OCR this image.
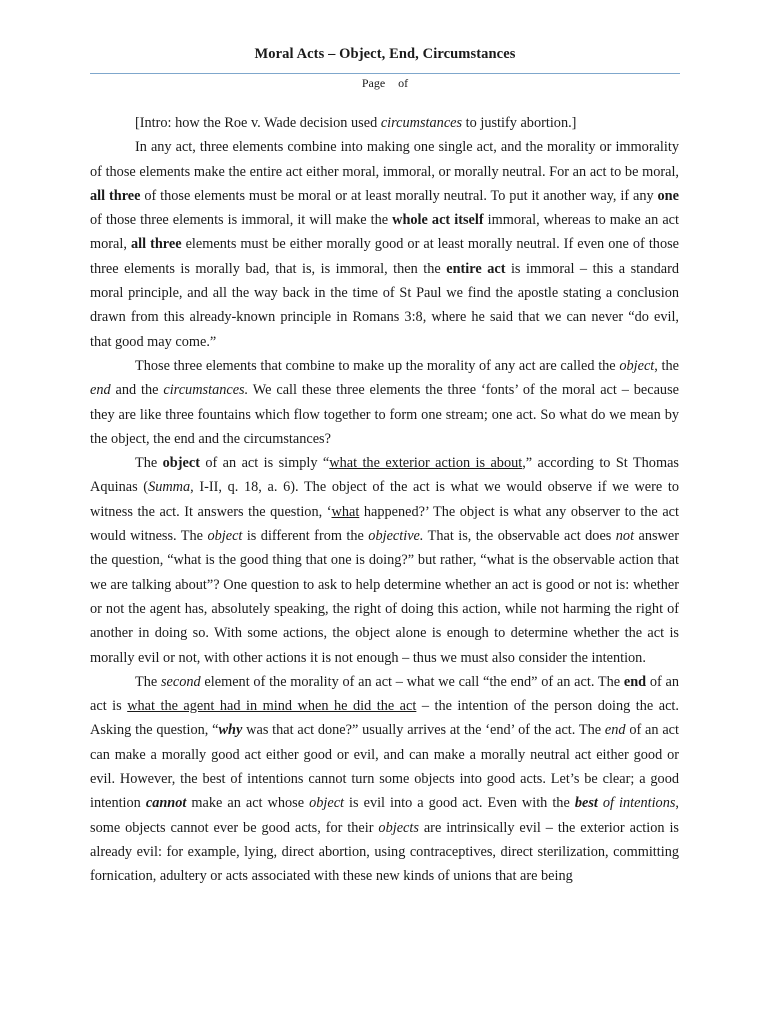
Moral Acts – Object, End, Circumstances
Page of

[Intro: how the Roe v. Wade decision used circumstances to justify abortion.]

In any act, three elements combine into making one single act, and the morality or immorality of those elements make the entire act either moral, immoral, or morally neutral. For an act to be moral, all three of those elements must be moral or at least morally neutral. To put it another way, if any one of those three elements is immoral, it will make the whole act itself immoral, whereas to make an act moral, all three elements must be either morally good or at least morally neutral. If even one of those three elements is morally bad, that is, is immoral, then the entire act is immoral – this a standard moral principle, and all the way back in the time of St Paul we find the apostle stating a conclusion drawn from this already-known principle in Romans 3:8, where he said that we can never “do evil, that good may come.”

Those three elements that combine to make up the morality of any act are called the object, the end and the circumstances. We call these three elements the three ‘fonts’ of the moral act – because they are like three fountains which flow together to form one stream; one act. So what do we mean by the object, the end and the circumstances?

The object of an act is simply “what the exterior action is about,” according to St Thomas Aquinas (Summa, I-II, q. 18, a. 6). The object of the act is what we would observe if we were to witness the act. It answers the question, ‘what happened?’ The object is what any observer to the act would witness. The object is different from the objective. That is, the observable act does not answer the question, “what is the good thing that one is doing?” but rather, “what is the observable action that we are talking about”? One question to ask to help determine whether an act is good or not is: whether or not the agent has, absolutely speaking, the right of doing this action, while not harming the right of another in doing so. With some actions, the object alone is enough to determine whether the act is morally evil or not, with other actions it is not enough – thus we must also consider the intention.

The second element of the morality of an act – what we call “the end” of an act. The end of an act is what the agent had in mind when he did the act – the intention of the person doing the act. Asking the question, “why was that act done?” usually arrives at the ‘end’ of the act. The end of an act can make a morally good act either good or evil, and can make a morally neutral act either good or evil. However, the best of intentions cannot turn some objects into good acts. Let’s be clear; a good intention cannot make an act whose object is evil into a good act. Even with the best of intentions, some objects cannot ever be good acts, for their objects are intrinsically evil – the exterior action is already evil: for example, lying, direct abortion, using contraceptives, direct sterilization, committing fornication, adultery or acts associated with these new kinds of unions that are being
